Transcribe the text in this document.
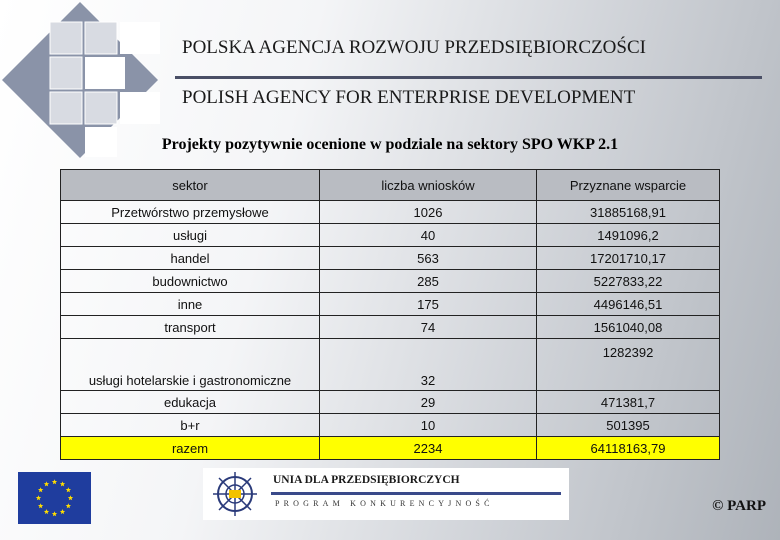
POLSKA AGENCJA ROZWOJU PRZEDSIĘBIORCZOŚCI
POLISH AGENCY FOR ENTERPRISE DEVELOPMENT
Projekty pozytywnie ocenione w podziale na sektory SPO WKP 2.1
sektor	liczba wniosków	Przyznane wsparcie
Przetwórstwo przemysłowe	1026	31885168,91
usługi	40	1491096,2
handel	563	17201710,17
budownictwo	285	5227833,22
inne	175	4496146,51
transport	74	1561040,08
usługi hotelarskie i gastronomiczne	32	1282392
edukacja	29	471381,7
b+r	10	501395
razem	2234	64118163,79
UNIA DLA PRZEDSIĘBIORCZYCH
PROGRAM KONKURENCYJNOŚĆ	© PARP
